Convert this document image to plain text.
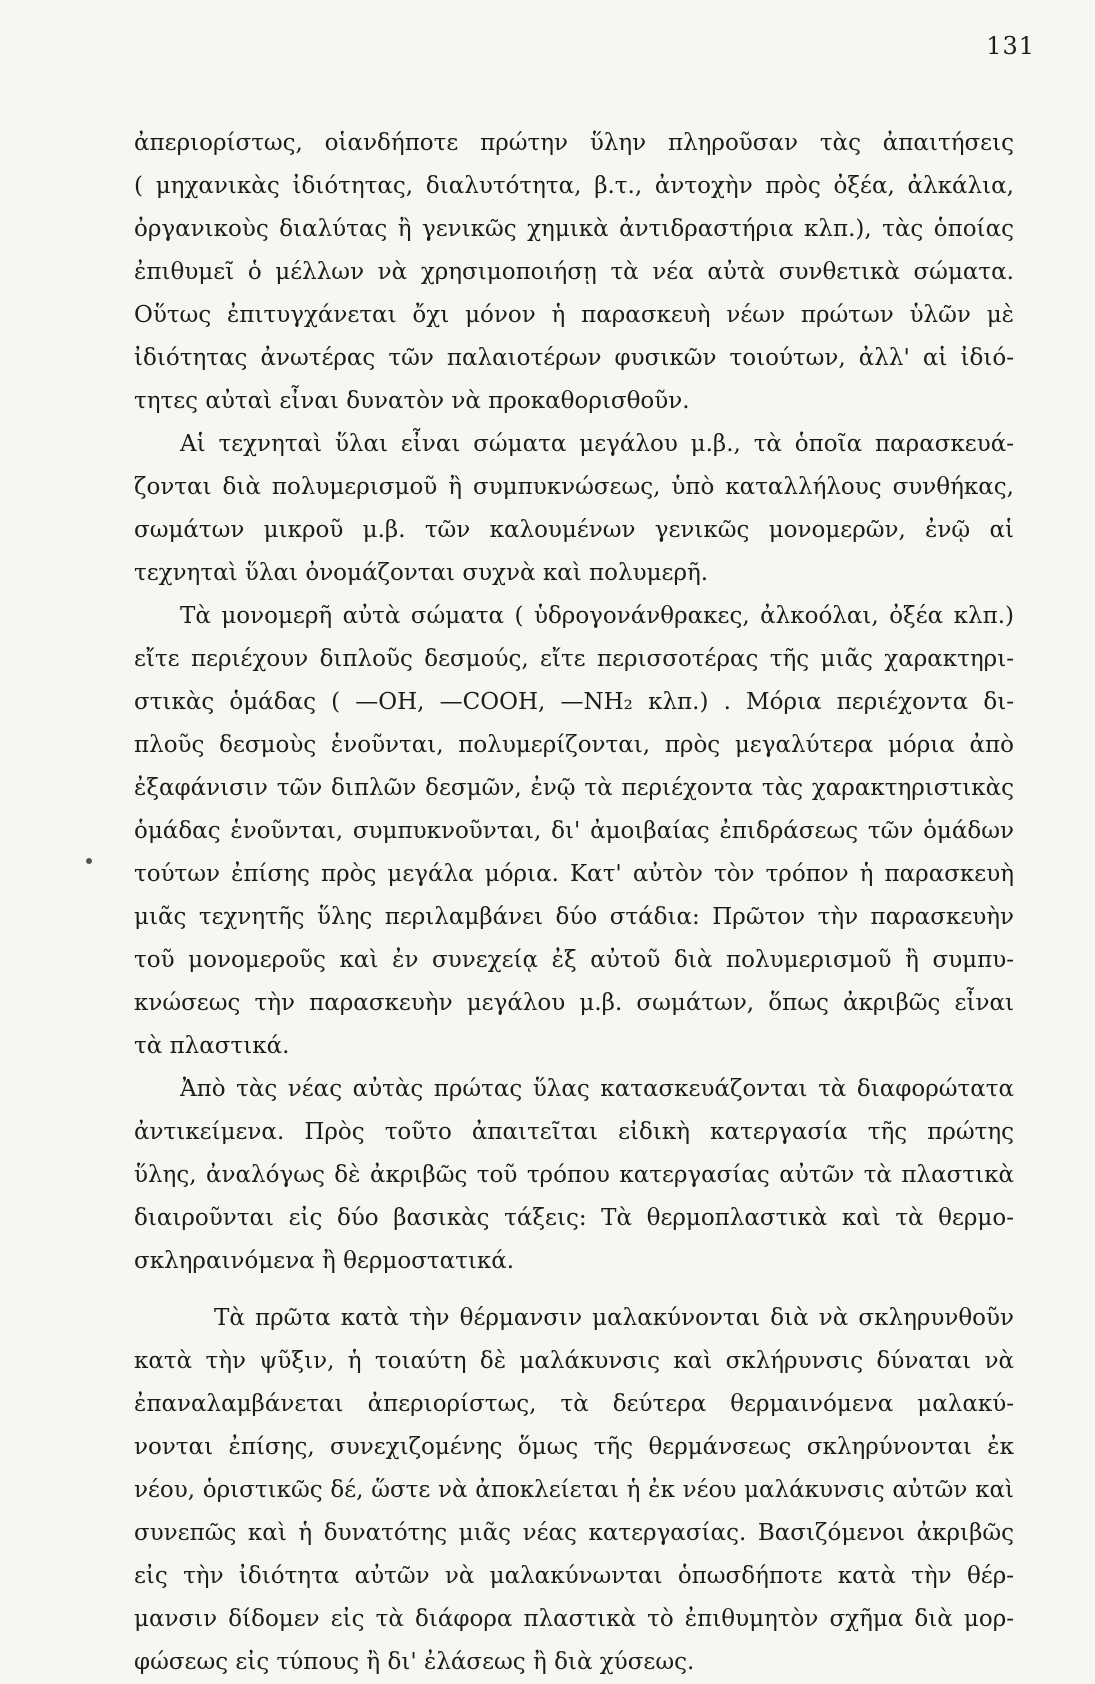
131
ἀπεριορίστως, οἱανδήποτε πρώτην ὕλην πληροῦσαν τὰς ἀπαιτήσεις
( μηχανικὰς ἰδιότητας, διαλυτότητα, β.τ., ἀντοχὴν πρὸς ὀξέα, ἀλκάλια,
ὀργανικοὺς διαλύτας ἢ γενικῶς χημικὰ ἀντιδραστήρια κλπ.), τὰς ὁποίας
ἐπιθυμεῖ ὁ μέλλων νὰ χρησιμοποιήσῃ τὰ νέα αὐτὰ συνθετικὰ σώματα.
Οὕτως ἐπιτυγχάνεται ὄχι μόνον ἡ παρασκευὴ νέων πρώτων ὑλῶν μὲ
ἰδιότητας ἀνωτέρας τῶν παλαιοτέρων φυσικῶν τοιούτων, ἀλλ' αἱ ἰδιό-
τητες αὐταὶ εἶναι δυνατὸν νὰ προκαθορισθοῦν.
Αἱ τεχνηταὶ ὕλαι εἶναι σώματα μεγάλου μ.β., τὰ ὁποῖα παρασκευά-
ζονται διὰ πολυμερισμοῦ ἢ συμπυκνώσεως, ὑπὸ καταλλήλους συνθήκας,
σωμάτων μικροῦ μ.β. τῶν καλουμένων γενικῶς μονομερῶν, ἐνῷ αἱ
τεχνηταὶ ὕλαι ὀνομάζονται συχνὰ καὶ πολυμερῆ.
Τὰ μονομερῆ αὐτὰ σώματα ( ὑδρογονάνθρακες, ἀλκοόλαι, ὀξέα κλπ.)
εἴτε περιέχουν διπλοῦς δεσμούς, εἴτε περισσοτέρας τῆς μιᾶς χαρακτηρι-
στικὰς ὁμάδας ( —OH, —COOH, —NH₂ κλπ.) . Μόρια περιέχοντα δι-
πλοῦς δεσμοὺς ἑνοῦνται, πολυμερίζονται, πρὸς μεγαλύτερα μόρια ἀπὸ
ἐξαφάνισιν τῶν διπλῶν δεσμῶν, ἐνῷ τὰ περιέχοντα τὰς χαρακτηριστικὰς
ὁμάδας ἑνοῦνται, συμπυκνοῦνται, δι' ἀμοιβαίας ἐπιδράσεως τῶν ὁμάδων
τούτων ἐπίσης πρὸς μεγάλα μόρια. Κατ' αὐτὸν τὸν τρόπον ἡ παρασκευὴ
μιᾶς τεχνητῆς ὕλης περιλαμβάνει δύο στάδια: Πρῶτον τὴν παρασκευὴν
τοῦ μονομεροῦς καὶ ἐν συνεχείᾳ ἐξ αὐτοῦ διὰ πολυμερισμοῦ ἢ συμπυ-
κνώσεως τὴν παρασκευὴν μεγάλου μ.β. σωμάτων, ὅπως ἀκριβῶς εἶναι
τὰ πλαστικά.
Ἀπὸ τὰς νέας αὐτὰς πρώτας ὕλας κατασκευάζονται τὰ διαφορώτατα
ἀντικείμενα. Πρὸς τοῦτο ἀπαιτεῖται εἰδικὴ κατεργασία τῆς πρώτης
ὕλης, ἀναλόγως δὲ ἀκριβῶς τοῦ τρόπου κατεργασίας αὐτῶν τὰ πλαστικὰ
διαιροῦνται εἰς δύο βασικὰς τάξεις: Τὰ θερμοπλαστικὰ καὶ τὰ θερμο-
σκληραινόμενα ἢ θερμοστατικά.
Τὰ πρῶτα κατὰ τὴν θέρμανσιν μαλακύνονται διὰ νὰ σκληρυνθοῦν
κατὰ τὴν ψῦξιν, ἡ τοιαύτη δὲ μαλάκυνσις καὶ σκλήρυνσις δύναται νὰ
ἐπαναλαμβάνεται ἀπεριορίστως, τὰ δεύτερα θερμαινόμενα μαλακύ-
νονται ἐπίσης, συνεχιζομένης ὅμως τῆς θερμάνσεως σκληρύνονται ἐκ
νέου, ὁριστικῶς δέ, ὥστε νὰ ἀποκλείεται ἡ ἐκ νέου μαλάκυνσις αὐτῶν καὶ
συνεπῶς καὶ ἡ δυνατότης μιᾶς νέας κατεργασίας. Βασιζόμενοι ἀκριβῶς
εἰς τὴν ἰδιότητα αὐτῶν νὰ μαλακύνωνται ὁπωσδήποτε κατὰ τὴν θέρ-
μανσιν δίδομεν εἰς τὰ διάφορα πλαστικὰ τὸ ἐπιθυμητὸν σχῆμα διὰ μορ-
φώσεως εἰς τύπους ἢ δι' ἐλάσεως ἢ διὰ χύσεως.
